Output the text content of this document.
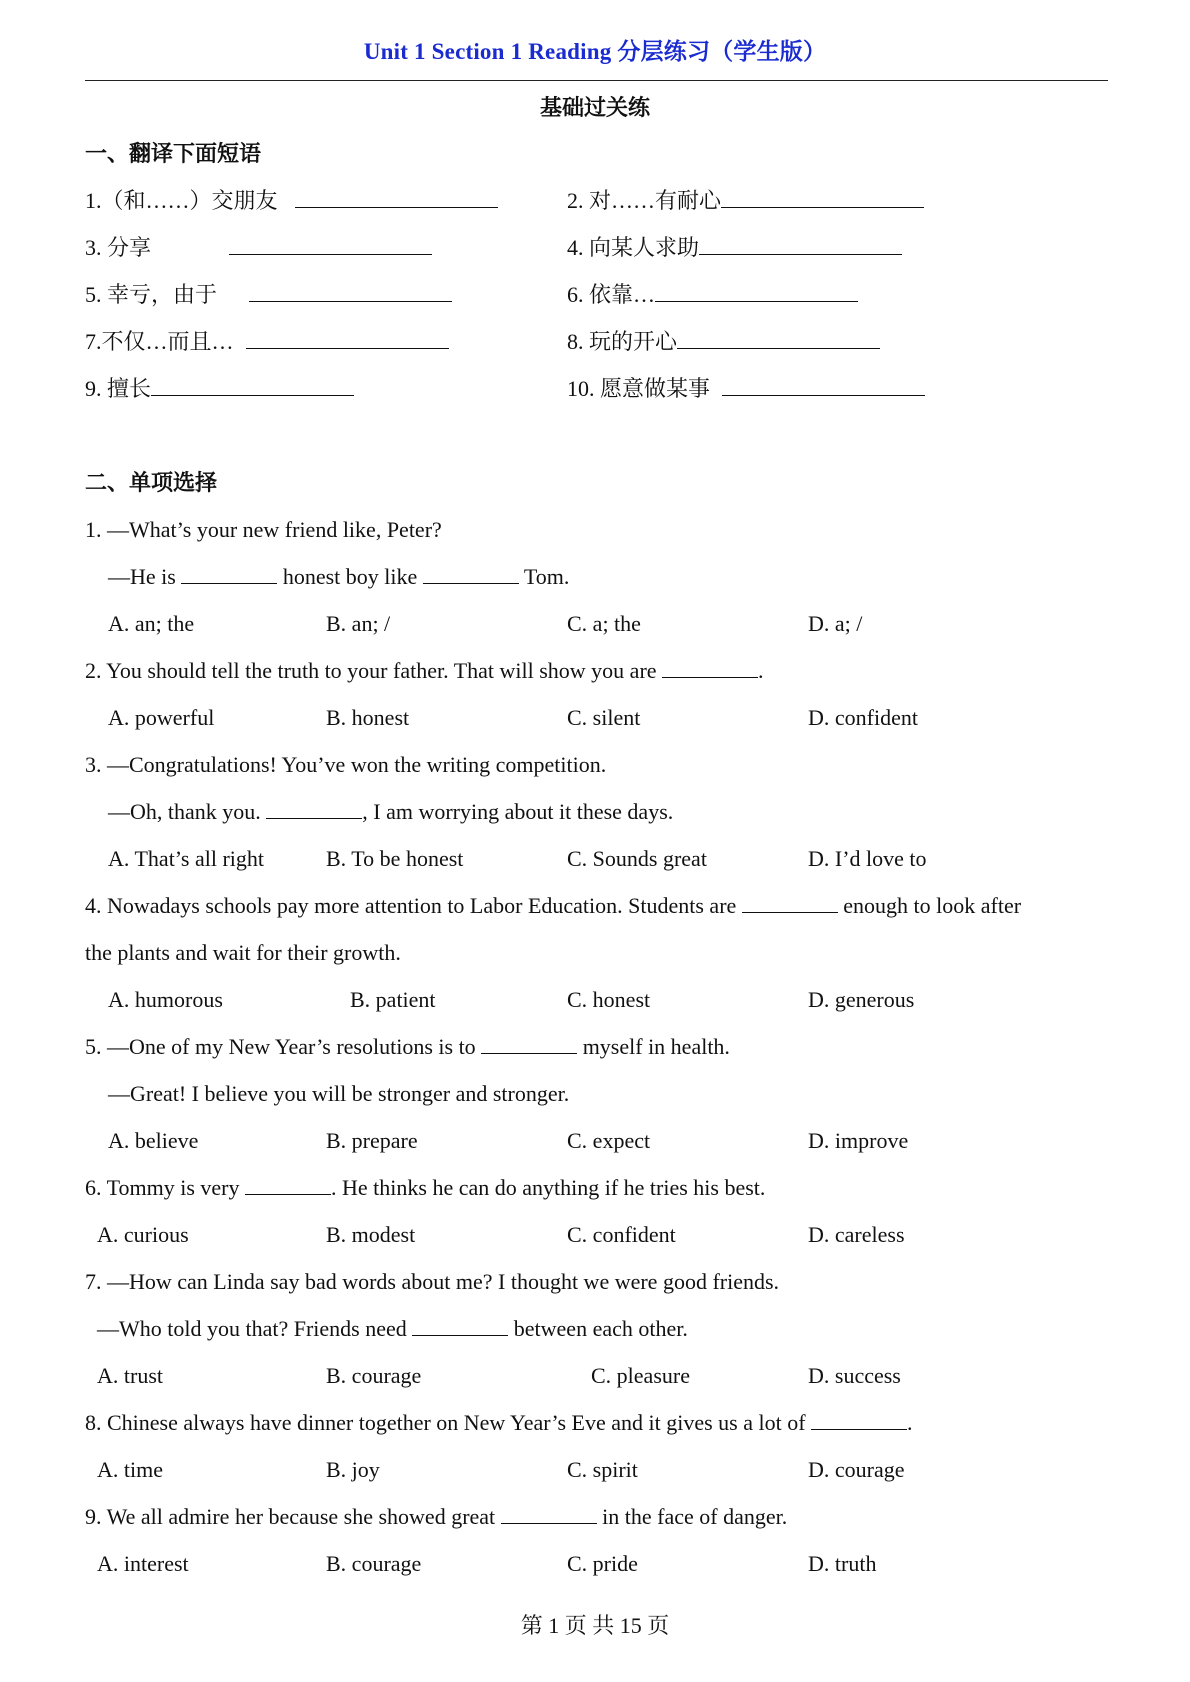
Unit 1 Section 1 Reading 分层练习（学生版）
基础过关练
一、翻译下面短语
1.（和……）交朋友	2. 对……有耐心
3. 分享	4. 向某人求助
5. 幸亏，由于	6. 依靠…
7.不仅…而且…	8. 玩的开心
9. 擅长	10. 愿意做某事
二、单项选择
1. —What’s your new friend like, Peter?
—He is	honest boy like	Tom.
A. an; the	B. an; /	C. a; the	D. a; /
2. You should tell the truth to your father. That will show you are	.
A. powerful	B. honest	C. silent	D. confident
3. —Congratulations! You’ve won the writing competition.
—Oh, thank you.	, I am worrying about it these days.
A. That’s all right	B. To be honest	C. Sounds great	D. I’d love to
4. Nowadays schools pay more attention to Labor Education. Students are	enough to look after
the plants and wait for their growth.
A. humorous	B. patient	C. honest	D. generous
5. —One of my New Year’s resolutions is to	myself in health.
—Great! I believe you will be stronger and stronger.
A. believe	B. prepare	C. expect	D. improve
6. Tommy is very	. He thinks he can do anything if he tries his best.
A. curious	B. modest	C. confident	D. careless
7. —How can Linda say bad words about me? I thought we were good friends.
—Who told you that? Friends need	between each other.
A. trust	B. courage	C. pleasure	D. success
8. Chinese always have dinner together on New Year’s Eve and it gives us a lot of	.
A. time	B. joy	C. spirit	D. courage
9. We all admire her because she showed great	in the face of danger.
A. interest	B. courage	C. pride	D. truth
第 1 页 共 15 页
